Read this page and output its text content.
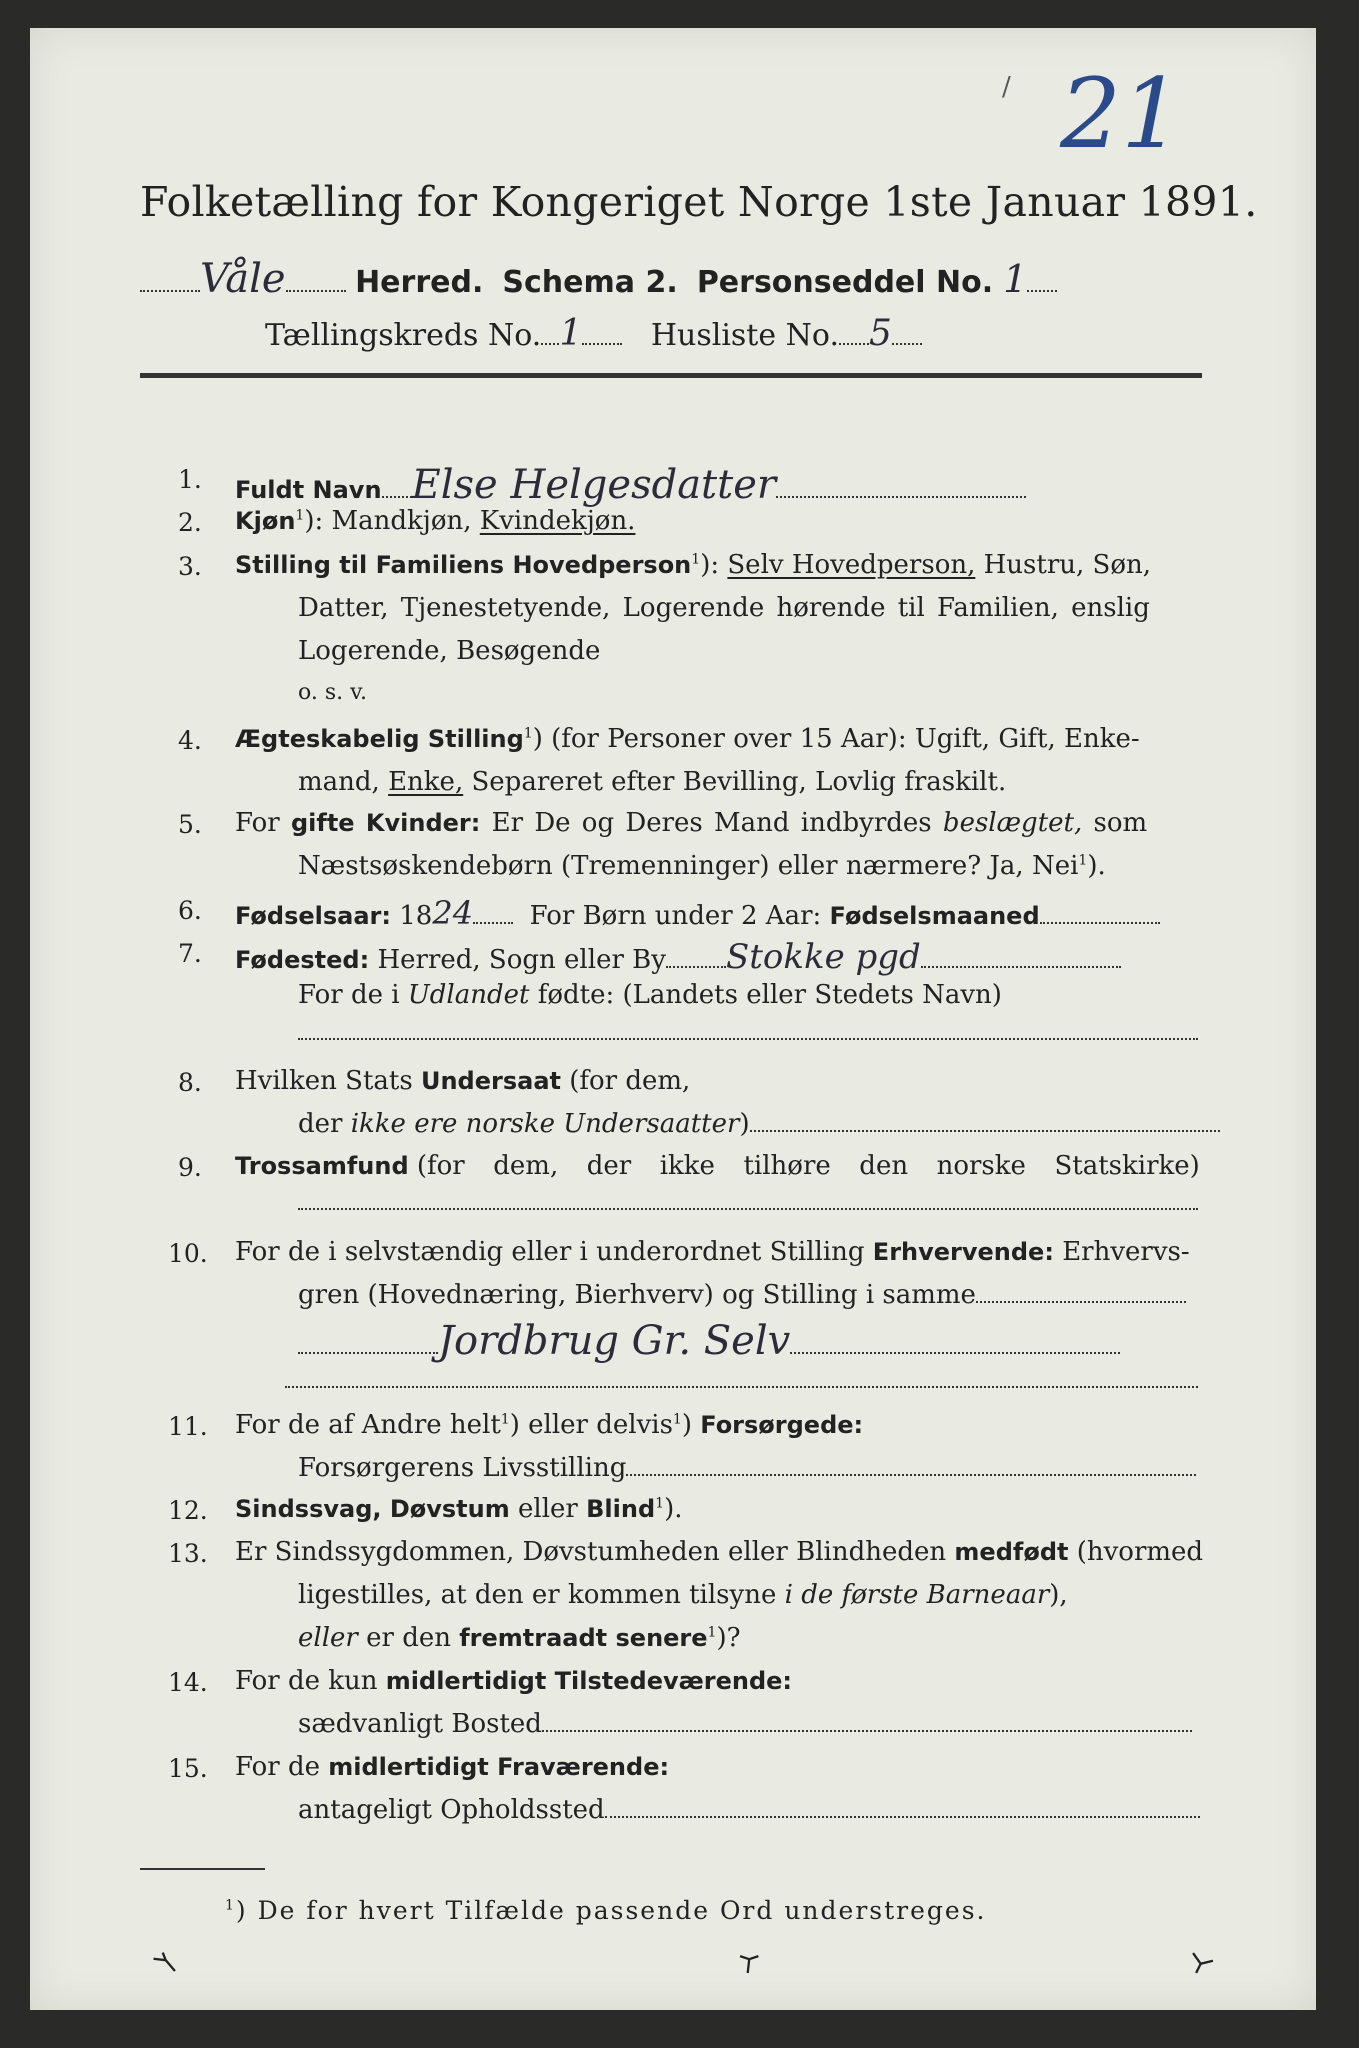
21
/
Folketælling for Kongeriget Norge 1ste Januar 1891.
Våle Herred. Schema 2. Personseddel No. 1
Tællingskreds No. 1 Husliste No. 5
1. Fuldt Navn Else Helgesdatter
2. Kjøn$^1$): Mandkjøn, Kvindekjøn.
3. Stilling til Familiens Hovedperson$^1$): Selv Hovedperson, Hustru, Søn,
Datter, Tjenestetyende, Logerende hørende til Familien, enslig
Logerende, Besøgende
o. s. v.
4. Ægteskabelig Stilling$^1$) (for Personer over 15 Aar): Ugift, Gift, Enke-
mand, Enke, Separeret efter Bevilling, Lovlig fraskilt.
5. For gifte Kvinder: Er De og Deres Mand indbyrdes beslægtet, som
Næstsøskendebørn (Tremenninger) eller nærmere? Ja, Nei$^1$).
6. Fødselsaar: 1824 For Børn under 2 Aar: Fødselsmaaned
7. Fødested: Herred, Sogn eller By Stokke pgd
For de i Udlandet fødte: (Landets eller Stedets Navn)
8. Hvilken Stats Undersaat (for dem,
der ikke ere norske Undersaatter)
9. Trossamfund (for  dem,  der  ikke  tilhøre  den  norske  Statskirke)
10. For de i selvstændig eller i underordnet Stilling Erhvervende: Erhvervs-
gren (Hovednæring, Bierhverv) og Stilling i samme
Jordbrug Gr. Selv
11. For de af Andre helt$^1$) eller delvis$^1$) Forsørgede:
Forsørgerens Livsstilling
12. Sindssvag, Døvstum eller Blind$^1$).
13. Er Sindssygdommen, Døvstumheden eller Blindheden medfødt (hvormed
ligestilles, at den er kommen tilsyne i de første Barneaar),
eller er den fremtraadt senere$^1$)?
14. For de kun midlertidigt Tilstedeværende:
sædvanligt Bosted
15. For de midlertidigt Fraværende:
antageligt Opholdssted
$^1$) De for hvert Tilfælde passende Ord understreges.
